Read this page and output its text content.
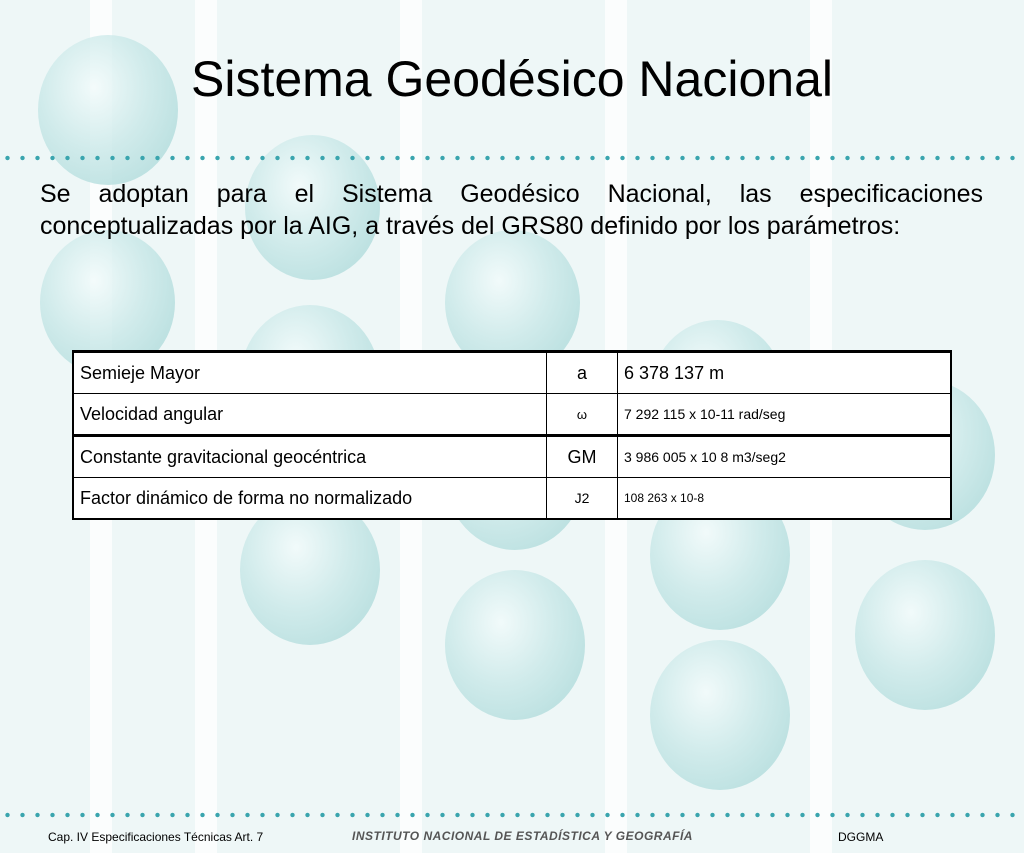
Sistema Geodésico Nacional

Se adoptan para el Sistema Geodésico Nacional, las especificaciones conceptualizadas por la AIG, a través del GRS80 definido por los parámetros:

Semieje Mayor	a	6 378 137 m
Velocidad angular	ω	7 292 115 x 10-11 rad/seg
Constante gravitacional geocéntrica	GM	3 986 005 x 10 8 m3/seg2
Factor dinámico de forma no normalizado	J2	108 263 x 10-8
Cap. IV Especificaciones Técnicas Art. 7	INSTITUTO NACIONAL DE ESTADÍSTICA Y GEOGRAFÍA	DGGMA
